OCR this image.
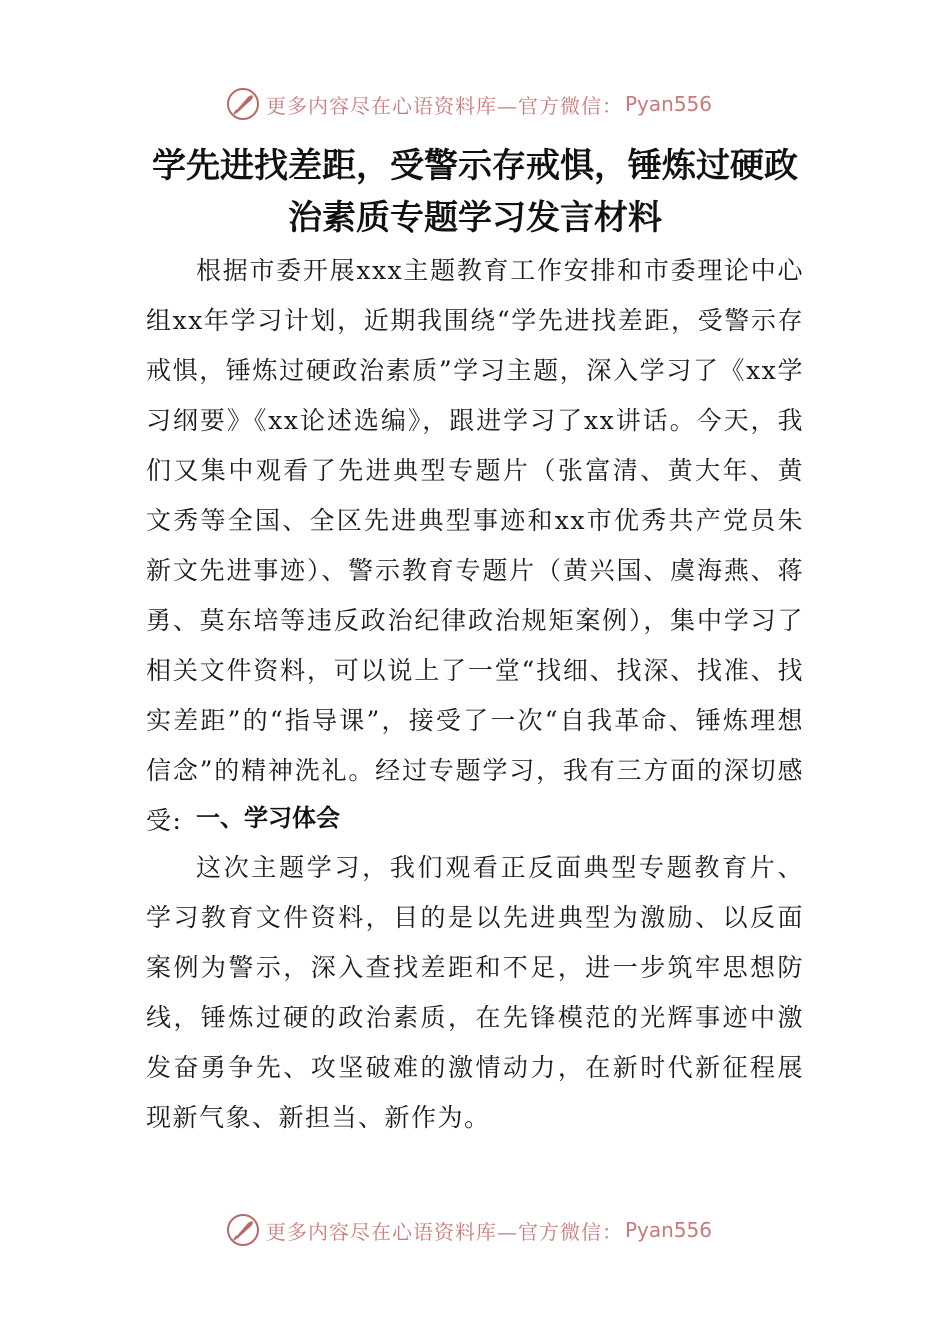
更多内容尽在心语资料库—官方微信： Pyan556
学先进找差距，受警示存戒惧，锤炼过硬政治素质专题学习发言材料

根据市委开展xxx主题教育工作安排和市委理论中心组xx年学习计划，近期我围绕“学先进找差距，受警示存戒惧，锤炼过硬政治素质”学习主题，深入学习了《xx学习纲要》《xx论述选编》，跟进学习了xx讲话。今天，我们又集中观看了先进典型专题片（张富清、黄大年、黄文秀等全国、全区先进典型事迹和xx市优秀共产党员朱新文先进事迹）、警示教育专题片（黄兴国、虞海燕、蒋勇、莫东培等违反政治纪律政治规矩案例），集中学习了相关文件资料，可以说上了一堂“找细、找深、找准、找实差距”的“指导课”，接受了一次“自我革命、锤炼理想信念”的精神洗礼。经过专题学习，我有三方面的深切感受: 一、学习体会

这次主题学习，我们观看正反面典型专题教育片、学习教育文件资料，目的是以先进典型为激励、以反面案例为警示，深入查找差距和不足，进一步筑牢思想防线，锤炼过硬的政治素质，在先锋模范的光辉事迹中激发奋勇争先、攻坚破难的激情动力，在新时代新征程展现新气象、新担当、新作为。

更多内容尽在心语资料库—官方微信： Pyan556
